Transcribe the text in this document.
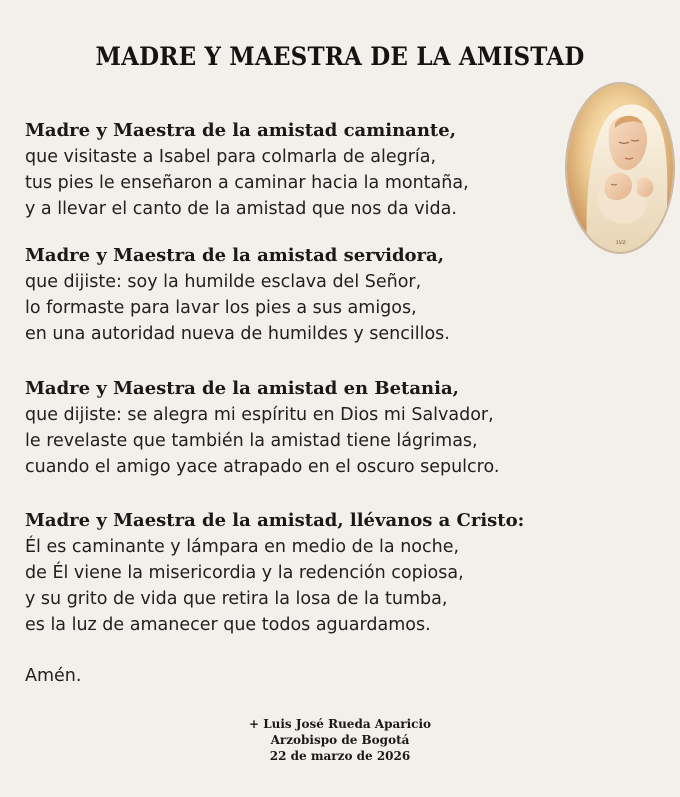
MADRE Y MAESTRA DE LA AMISTAD
LVZ
Madre y Maestra de la amistad caminante,
que visitaste a Isabel para colmarla de alegría,
tus pies le enseñaron a caminar hacia la montaña,
y a llevar el canto de la amistad que nos da vida.
Madre y Maestra de la amistad servidora,
que dijiste: soy la humilde esclava del Señor,
lo formaste para lavar los pies a sus amigos,
en una autoridad nueva de humildes y sencillos.
Madre y Maestra de la amistad en Betania,
que dijiste: se alegra mi espíritu en Dios mi Salvador,
le revelaste que también la amistad tiene lágrimas,
cuando el amigo yace atrapado en el oscuro sepulcro.
Madre y Maestra de la amistad, llévanos a Cristo:
Él es caminante y lámpara en medio de la noche,
de Él viene la misericordia y la redención copiosa,
y su grito de vida que retira la losa de la tumba,
es la luz de amanecer que todos aguardamos.
Amén.
+ Luis José Rueda Aparicio
Arzobispo de Bogotá
22 de marzo de 2026
